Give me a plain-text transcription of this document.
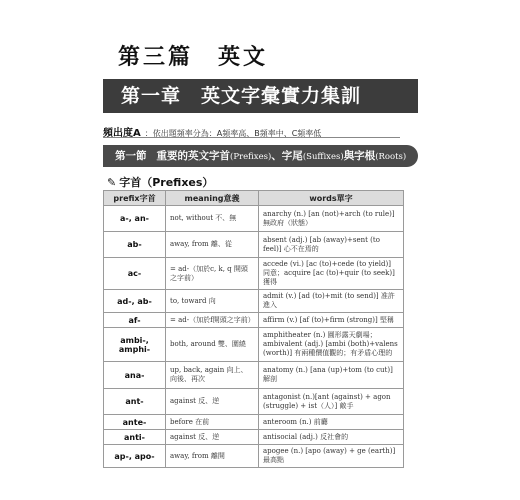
第三篇　英文
第一章　英文字彙實力集訓
頻出度A ：依出題頻率分為：A頻率高、B頻率中、C頻率低
第一節 重要的英文字首(Prefixes)、字尾(Suffixes)與字根(Roots)
✎ 字首（Prefixes）
prefix字首	meaning意義	words單字
a-, an-	not, without 不、無	anarchy (n.) [an (not)+arch (to rule)] 無政府（狀態）
ab-	away, from 離、從	absent (adj.) [ab (away)+sent (to feel)] 心不在焉的
ac-	= ad-（加於c, k, q 開頭之字前）	accede (vi.) [ac (to)+cede (to yield)] 同意；acquire [ac (to)+quir (to seek)] 獲得
ad-, ab-	to, toward 向	admit (v.) [ad (to)+mit (to send)] 准許進入
af-	= ad-（加於f開頭之字前）	affirm (v.) [af (to)+firm (strong)] 堅稱
ambi-, amphi-	both, around 雙、圍繞	amphitheater (n.) 圓形露天劇場；ambivalent (adj.) [ambi (both)+valens (worth)] 有兩種價值觀的；有矛盾心理的
ana-	up, back, again 向上、向後、再次	anatomy (n.) [ana (up)+tom (to cut)] 解剖
ant-	against 反、逆	antagonist (n.)[ant (against) + agon (struggle) + ist（人）] 敵手
ante-	before 在前	anteroom (n.) 前廳
anti-	against 反、逆	antisocial (adj.) 反社會的
ap-, apo-	away, from 離開	apogee (n.) [apo (away) + ge (earth)] 最高點
